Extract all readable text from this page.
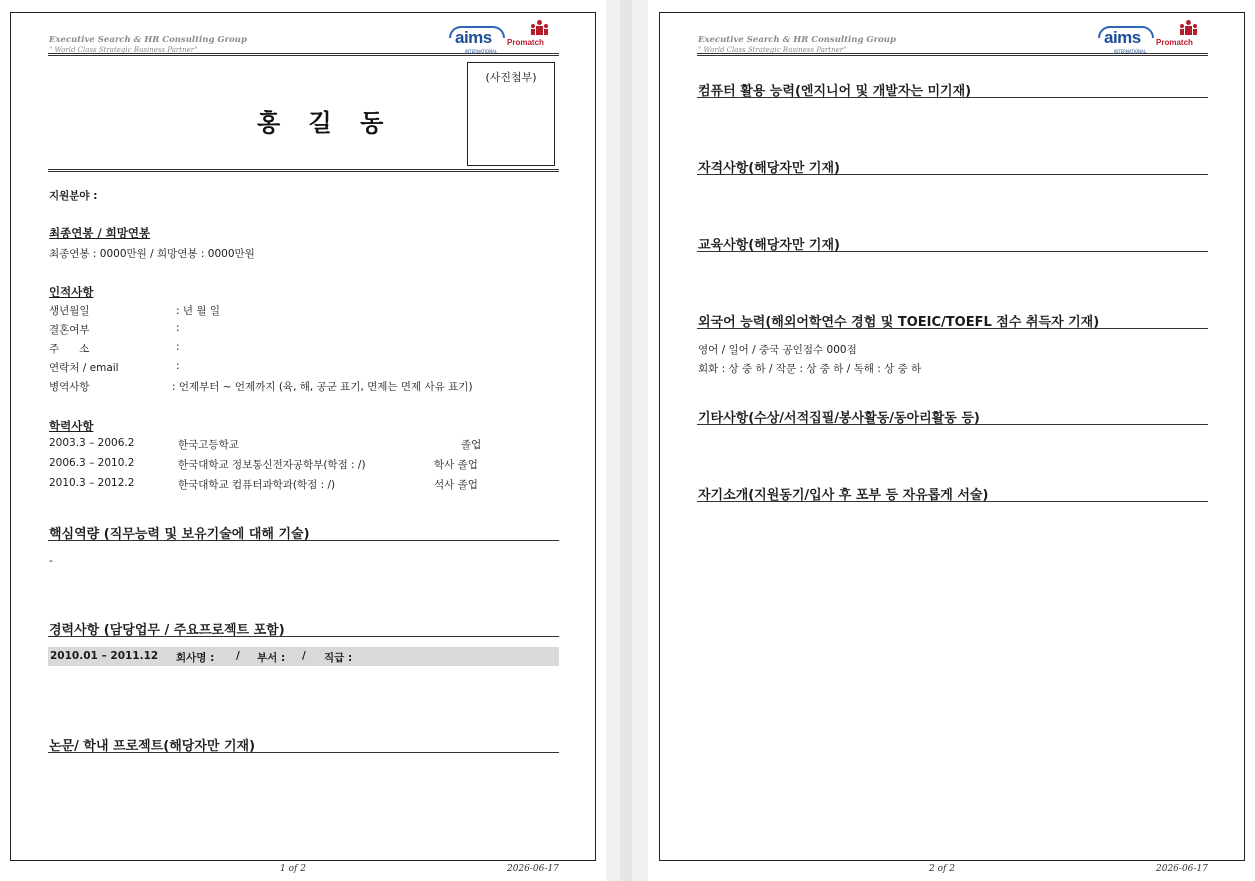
Executive Search & HR Consulting Group
" World Class Strategic Business Partner"
aims
INTERNATIONAL
Promatch
홍 길 동
(사진첨부)
지원분야 :
최종연봉 / 희망연봉
최종연봉 : 0000만원 / 희망연봉 : 0000만원
인적사항
생년월일	: 년 월 일
결혼여부	:
주      소	:
연락처 / email	:
병역사항	: 언제부터 ~ 언제까지 (육, 해, 공군 표기, 면제는 면제 사유 표기)
학력사항
2003.3 – 2006.2	한국고등학교	졸업
2006.3 – 2010.2	한국대학교 정보통신전자공학부(학점 : /)	학사 졸업
2010.3 – 2012.2	한국대학교 컴퓨터과학과(학점 : /)	석사 졸업
핵심역량 (직무능력 및 보유기술에 대해 기술)
-
경력사항 (담당업무 / 주요프로젝트 포함)
2010.01 – 2011.12 회사명 : / 부서 : / 직급 :
논문/ 학내 프로젝트(해당자만 기재)
Executive Search & HR Consulting Group
" World Class Strategic Business Partner"
aims
INTERNATIONAL
Promatch
컴퓨터 활용 능력(엔지니어 및 개발자는 미기재)
자격사항(해당자만 기재)
교육사항(해당자만 기재)
외국어 능력(해외어학연수 경험 및 TOEIC/TOEFL 점수 취득자 기재)
영어 / 일어 / 중국 공인점수 000점
회화 : 상 중 하 / 작문 : 상 중 하 / 독해 : 상 중 하
기타사항(수상/서적집필/봉사활동/동아리활동 등)
자기소개(지원동기/입사 후 포부 등 자유롭게 서술)
1 of 2	2026-06-17	2 of 2	2026-06-17
